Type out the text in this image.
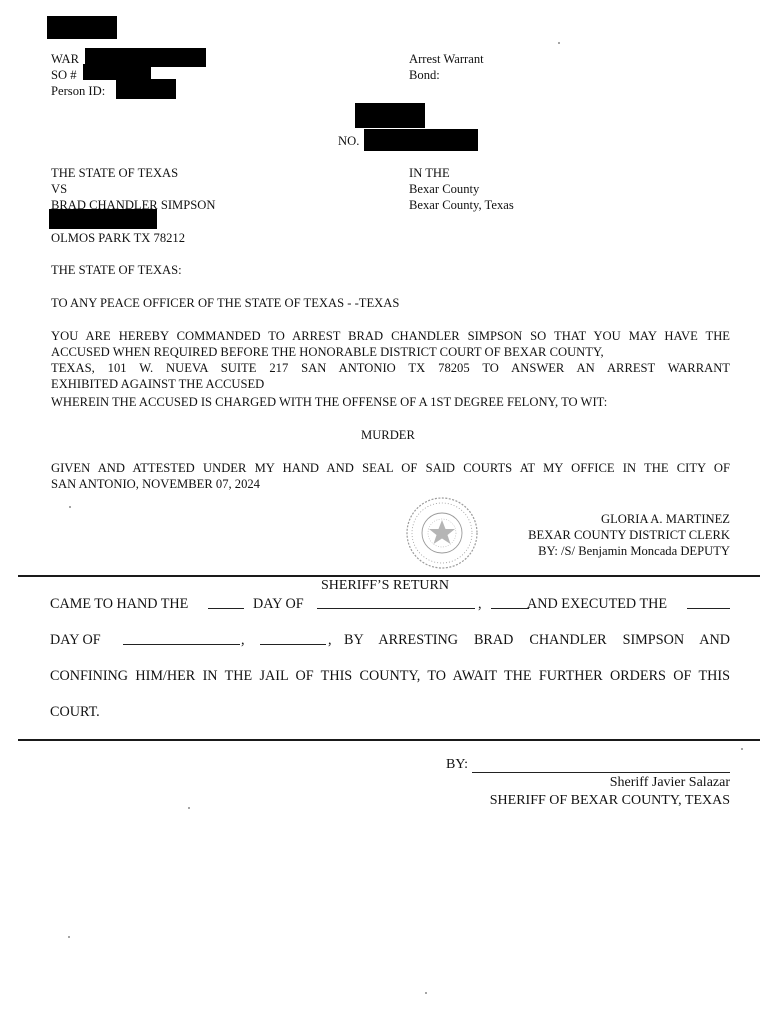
WAR
SO #
Person ID:
Arrest Warrant
Bond:
NO.
THE STATE OF TEXAS
VS
BRAD CHANDLER SIMPSON
OLMOS PARK TX 78212
IN THE
Bexar County
Bexar County, Texas
THE STATE OF TEXAS:
TO ANY PEACE OFFICER OF THE STATE OF TEXAS - -TEXAS
YOU ARE HEREBY COMMANDED TO ARREST BRAD CHANDLER SIMPSON SO THAT YOU MAY HAVE THE
ACCUSED WHEN REQUIRED BEFORE THE HONORABLE DISTRICT COURT OF BEXAR COUNTY,
TEXAS, 101 W. NUEVA SUITE 217 SAN ANTONIO TX 78205 TO ANSWER AN ARREST WARRANT
EXHIBITED AGAINST THE ACCUSED
WHEREIN THE ACCUSED IS CHARGED WITH THE OFFENSE OF A 1ST DEGREE FELONY, TO WIT:
MURDER
GIVEN AND ATTESTED UNDER MY HAND AND SEAL OF SAID COURTS AT MY OFFICE IN THE CITY OF
SAN ANTONIO, NOVEMBER 07, 2024
GLORIA A. MARTINEZ
BEXAR COUNTY DISTRICT CLERK
BY: /S/ Benjamin Moncada DEPUTY
SHERIFF’S RETURN
CAME TO HAND THE	DAY OF	,	AND EXECUTED THE
DAY OF	,	, BY ARRESTING BRAD CHANDLER SIMPSON AND
CONFINING HIM/HER IN THE JAIL OF THIS COUNTY, TO AWAIT THE FURTHER ORDERS OF THIS
COURT.
BY:
Sheriff Javier Salazar
SHERIFF OF BEXAR COUNTY, TEXAS
